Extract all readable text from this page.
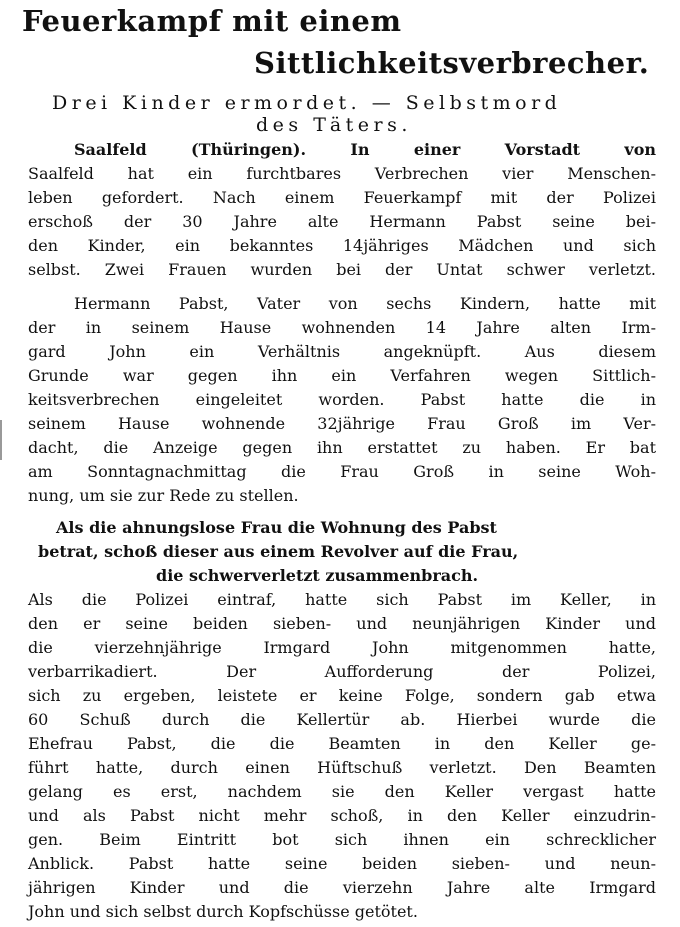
Feuerkampf mit einem
Sittlichkeitsverbrecher.
Drei Kinder ermordet. — Selbstmord
des Täters.
Saalfeld (Thüringen). In einer Vorstadt von
Saalfeld hat ein furchtbares Verbrechen vier Menschen-
leben gefordert. Nach einem Feuerkampf mit der Polizei
erschoß der 30 Jahre alte Hermann Pabst seine bei-
den Kinder, ein bekanntes 14jähriges Mädchen und sich
selbst. Zwei Frauen wurden bei der Untat schwer verletzt.
Hermann Pabst, Vater von sechs Kindern, hatte mit
der in seinem Hause wohnenden 14 Jahre alten Irm-
gard John ein Verhältnis angeknüpft. Aus diesem
Grunde war gegen ihn ein Verfahren wegen Sittlich-
keitsverbrechen eingeleitet worden. Pabst hatte die in
seinem Hause wohnende 32jährige Frau Groß im Ver-
dacht, die Anzeige gegen ihn erstattet zu haben. Er bat
am Sonntagnachmittag die Frau Groß in seine Woh-
nung, um sie zur Rede zu stellen.
Als die ahnungslose Frau die Wohnung des Pabst
betrat, schoß dieser aus einem Revolver auf die Frau,
die schwerverletzt zusammenbrach.
Als die Polizei eintraf, hatte sich Pabst im Keller, in
den er seine beiden sieben- und neunjährigen Kinder und
die vierzehnjährige Irmgard John mitgenommen hatte,
verbarrikadiert. Der Aufforderung der Polizei,
sich zu ergeben, leistete er keine Folge, sondern gab etwa
60 Schuß durch die Kellertür ab. Hierbei wurde die
Ehefrau Pabst, die die Beamten in den Keller ge-
führt hatte, durch einen Hüftschuß verletzt. Den Beamten
gelang es erst, nachdem sie den Keller vergast hatte
und als Pabst nicht mehr schoß, in den Keller einzudrin-
gen. Beim Eintritt bot sich ihnen ein schrecklicher
Anblick. Pabst hatte seine beiden sieben- und neun-
jährigen Kinder und die vierzehn Jahre alte Irmgard
John und sich selbst durch Kopfschüsse getötet.
